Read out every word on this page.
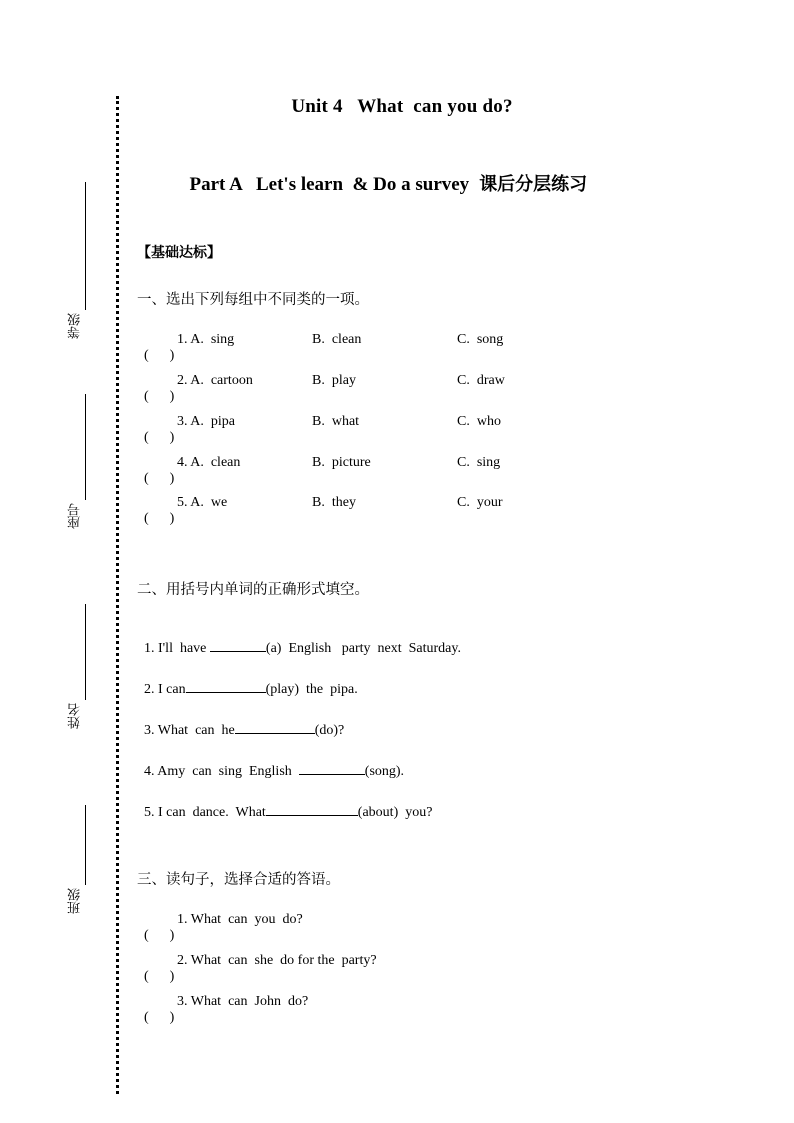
等级
座号
姓名
班级
Unit 4   What  can you do?

Part A   Let's learn  & Do a survey 课后分层练习

【基础达标】
一、选出下列每组中不同类的一项。

(      )

1. A.  sing

	B.  clean

	C.  song

(      )

2. A.  cartoon

	B.  play

	C.  draw

(      )

3. A.  pipa

	B.  what

	C.  who

(      )

4. A.  clean

	B.  picture

	C.  sing

(      )

5. A.  we

	B.  they

	C.  your

二、用括号内单词的正确形式填空。

1. I'll  have	(a)  English   party  next  Saturday.

2. I can	(play)  the  pipa.

3. What  can  he	(do)?

4. Amy  can  sing  English	(song).

5. I can  dance.  What	(about)  you?

三、读句子，选择合适的答语。

(      )

1. What  can  you  do?

(      )

2. What  can  she  do for the  party?

(      )

3. What  can  John  do?
